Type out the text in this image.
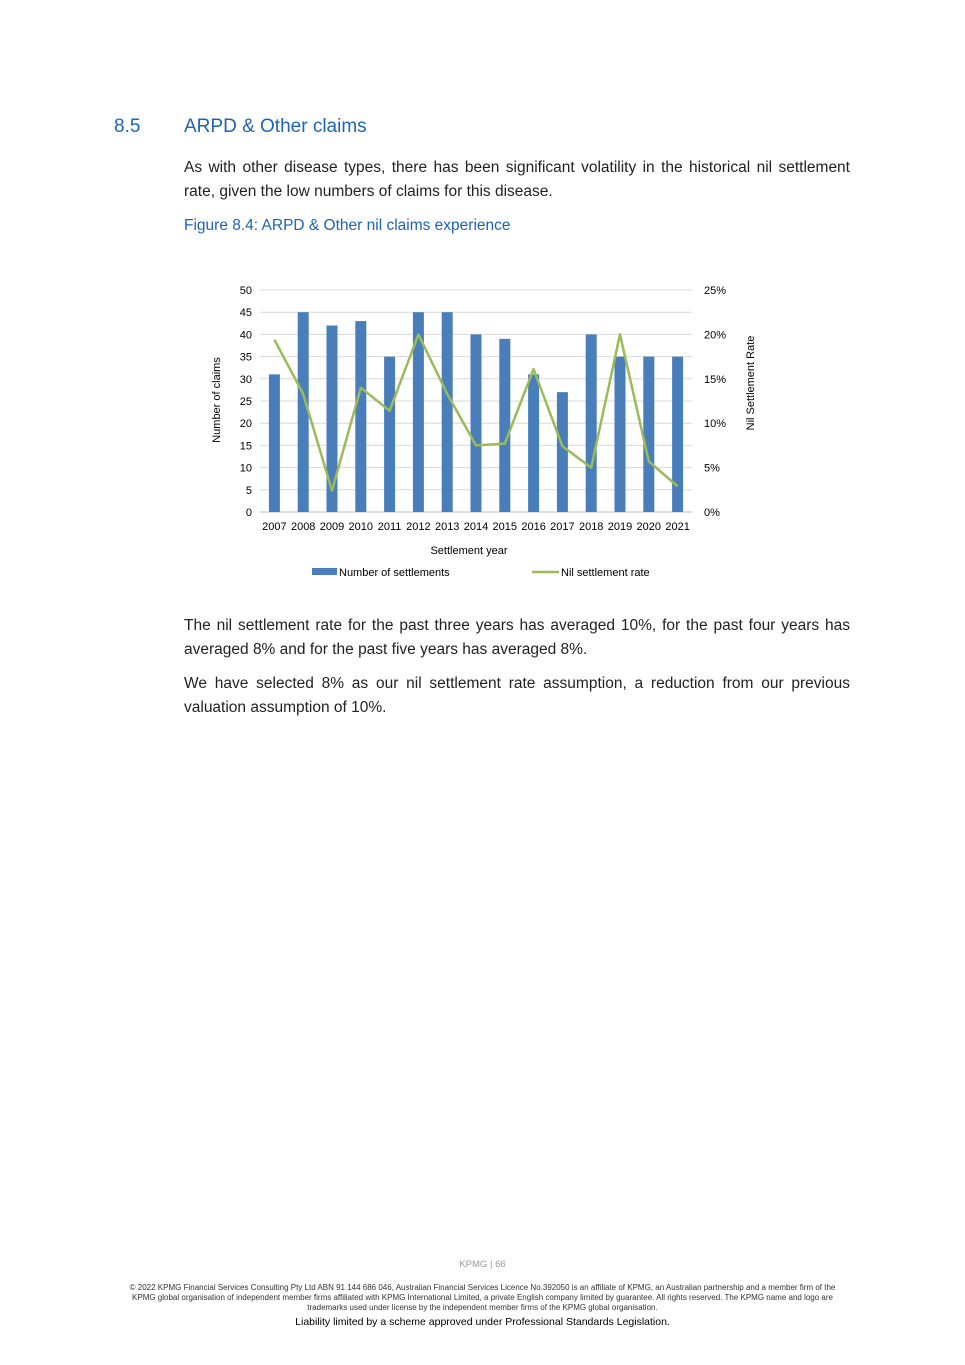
8.5 ARPD & Other claims
As with other disease types, there has been significant volatility in the historical nil settlement rate, given the low numbers of claims for this disease.
Figure 8.4: ARPD & Other nil claims experience
0
5
10
15
20
25
30
35
40
45
50
0%
5%
10%
15%
20%
25%
2007 2008 2009 2010 2011 2012 2013 2014 2015 2016 2017 2018 2019 2020 2021
Number of claims	Nil Settlement Rate
Settlement year
Number of settlements	Nil settlement rate
The nil settlement rate for the past three years has averaged 10%, for the past four years has averaged 8% and for the past five years has averaged 8%.
We have selected 8% as our nil settlement rate assumption, a reduction from our previous valuation assumption of 10%.
KPMG | 66
© 2022 KPMG Financial Services Consulting Pty Ltd ABN 91 144 686 046, Australian Financial Services Licence No.392050 is an affiliate of KPMG, an Australian partnership and a member firm of the KPMG global organisation of independent member firms affiliated with KPMG International Limited, a private English company limited by guarantee. All rights reserved. The KPMG name and logo are trademarks used under license by the independent member firms of the KPMG global organisation.
Liability limited by a scheme approved under Professional Standards Legislation.
